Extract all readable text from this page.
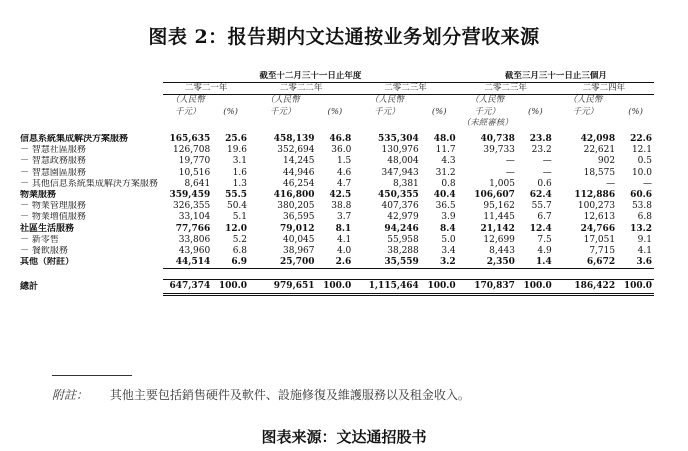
图表 2：报告期内文达通按业务划分营收来源
	截至十二月三十一日止年度						截至三月三十一日止三個月			
	二零二一年		二零二二年		二零二三年		二零二三年		二零二四年	
	（人民幣		（人民幣		（人民幣		（人民幣		（人民幣	
	千元）	(%)	千元）	(%)	千元）	(%)	千元）	(%)	千元）	(%)
							（未經審核）			

信息系統集成解決方案服務	165,635	25.6	458,139	46.8	535,304	48.0	40,738	23.8	42,098	22.6
－ 智慧社區服務	126,708	19.6	352,694	36.0	130,976	11.7	39,733	23.2	22,621	12.1
－ 智慧政務服務	19,770	3.1	14,245	1.5	48,004	4.3	—	—	902	0.5
－ 智慧園區服務	10,516	1.6	44,946	4.6	347,943	31.2	—	—	18,575	10.0
－ 其他信息系統集成解決方案服務	8,641	1.3	46,254	4.7	8,381	0.8	1,005	0.6	—	—
物業服務	359,459	55.5	416,800	42.5	450,355	40.4	106,607	62.4	112,886	60.6
－ 物業管理服務	326,355	50.4	380,205	38.8	407,376	36.5	95,162	55.7	100,273	53.8
－ 物業增值服務	33,104	5.1	36,595	3.7	42,979	3.9	11,445	6.7	12,613	6.8
社區生活服務	77,766	12.0	79,012	8.1	94,246	8.4	21,142	12.4	24,766	13.2
－ 新零售	33,806	5.2	40,045	4.1	55,958	5.0	12,699	7.5	17,051	9.1
－ 餐飲服務	43,960	6.8	38,967	4.0	38,288	3.4	8,443	4.9	7,715	4.1
其他（附註）	44,514	6.9	25,700	2.6	35,559	3.2	2,350	1.4	6,672	3.6

總計	647,374	100.0	979,651	100.0	1,115,464	100.0	170,837	100.0	186,422	100.0
附註： 其他主要包括銷售硬件及軟件、設施修復及維護服務以及租金收入。
图表来源：文达通招股书
